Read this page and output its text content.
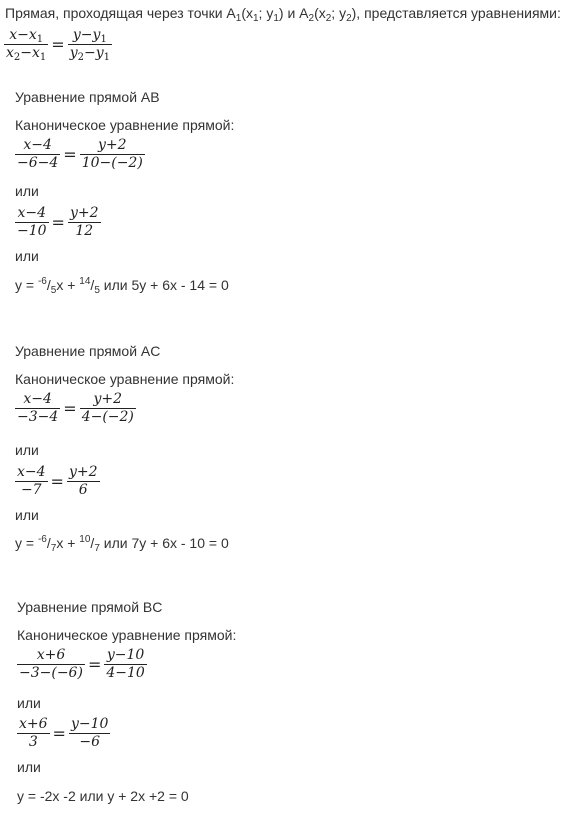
Прямая, проходящая через точки $A_1(x_1$; $y_1$) и $A_2(x_2$; $y_2$), представляется уравнениями:
$\frac{x-x_1}{x_2-x_1} = \frac{y-y_1}{y_2-y_1}$
Уравнение прямой AB
Каноническое уравнение прямой:
$\frac{x-4}{-6-4} = \frac{y+2}{10-(-2)}$
или
$\frac{x-4}{-10} = \frac{y+2}{12}$
или
$y = ^{-6}/_5x + ^{14}/_5$ или 5y + 6x - 14 = 0
Уравнение прямой AC
Каноническое уравнение прямой:
$\frac{x-4}{-3-4} = \frac{y+2}{4-(-2)}$
или
$\frac{x-4}{-7} = \frac{y+2}{6}$
или
$y = ^{-6}/_7x + ^{10}/_7$ или 7y + 6x - 10 = 0
Уравнение прямой BC
Каноническое уравнение прямой:
$\frac{x+6}{-3-(-6)} = \frac{y-10}{4-10}$
или
$\frac{x+6}{3} = \frac{y-10}{-6}$
или
y = -2x -2 или y + 2x +2 = 0
